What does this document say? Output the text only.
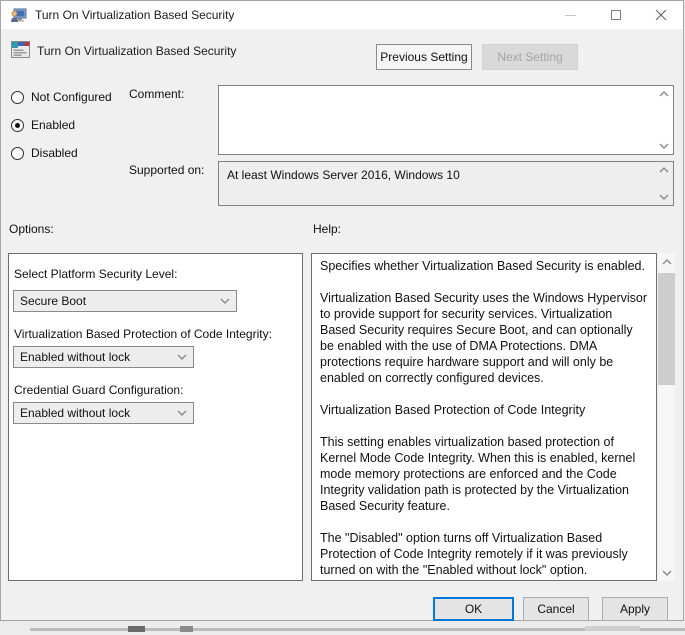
Turn On Virtualization Based Security
Turn On Virtualization Based Security	Previous Setting	Next Setting
Not Configured
Enabled
Disabled
Comment:
Supported on: At least Windows Server 2016, Windows 10
Options:	Help:
Select Platform Security Level:
Secure Boot
Virtualization Based Protection of Code Integrity:
Enabled without lock
Credential Guard Configuration:
Enabled without lock

Specifies whether Virtualization Based Security is enabled.

Virtualization Based Security uses the Windows Hypervisor to provide support for security services. Virtualization Based Security requires Secure Boot, and can optionally be enabled with the use of DMA Protections. DMA protections require hardware support and will only be enabled on correctly configured devices.

Virtualization Based Protection of Code Integrity

This setting enables virtualization based protection of Kernel Mode Code Integrity. When this is enabled, kernel mode memory protections are enforced and the Code Integrity validation path is protected by the Virtualization Based Security feature.

The "Disabled" option turns off Virtualization Based Protection of Code Integrity remotely if it was previously turned on with the "Enabled without lock" option.

OK	Cancel	Apply
